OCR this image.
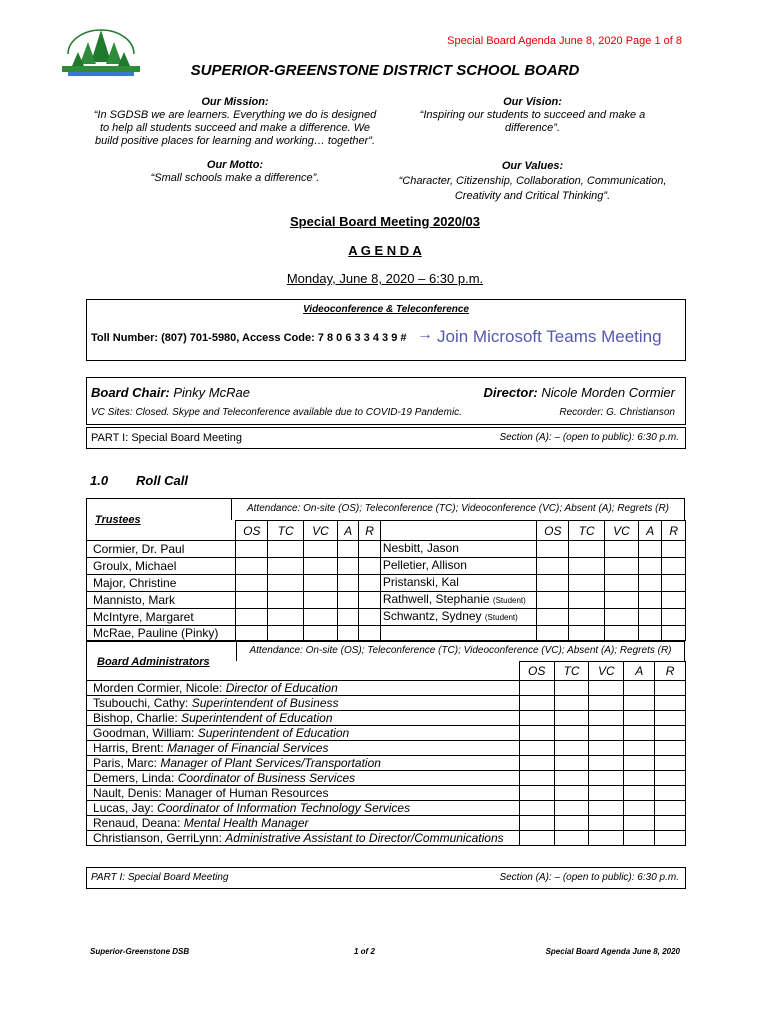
Special Board Agenda June 8, 2020 Page 1 of 8
SUPERIOR-GREENSTONE DISTRICT SCHOOL BOARD
Our Mission:
“In SGDSB we are learners. Everything we do is designed
to help all students succeed and make a difference. We
build positive places for learning and working… together”.
Our Vision:
“Inspiring our students to succeed and make a
difference”.
Our Motto:
“Small schools make a difference”.
Our Values:
“Character, Citizenship, Collaboration, Communication,
Creativity and Critical Thinking”.
Special Board Meeting 2020/03
A G E N D A
Monday, June 8, 2020 – 6:30 p.m.
Videoconference & Teleconference
Toll Number: (807) 701-5980, Access Code: 7 8 0 6 3 3 4 3 9 # → Join Microsoft Teams Meeting
Board Chair: Pinky McRae	Director: Nicole Morden Cormier
VC Sites: Closed. Skype and Teleconference available due to COVID-19 Pandemic.	Recorder: G. Christianson
PART I: Special Board Meeting	Section (A): – (open to public): 6:30 p.m.
1.0 Roll Call
Trustees
Attendance: On-site (OS); Teleconference (TC); Videoconference (VC); Absent (A); Regrets (R)
	OS	TC	VC	A	R		OS	TC	VC	A	R
Cormier, Dr. Paul						Nesbitt, Jason					
Groulx, Michael						Pelletier, Allison					
Major, Christine						Pristanski, Kal					
Mannisto, Mark						Rathwell, Stephanie (Student)					
McIntyre, Margaret						Schwantz, Sydney (Student)					
McRae, Pauline (Pinky)											
Board Administrators
Attendance: On-site (OS); Teleconference (TC); Videoconference (VC); Absent (A); Regrets (R)
	OS	TC	VC	A	R
Morden Cormier, Nicole: Director of Education					
Tsubouchi, Cathy: Superintendent of Business					
Bishop, Charlie: Superintendent of Education					
Goodman, William: Superintendent of Education					
Harris, Brent: Manager of Financial Services					
Paris, Marc: Manager of Plant Services/Transportation					
Demers, Linda: Coordinator of Business Services					
Nault, Denis: Manager of Human Resources					
Lucas, Jay: Coordinator of Information Technology Services					
Renaud, Deana: Mental Health Manager					
Christianson, GerriLynn: Administrative Assistant to Director/Communications					
PART I: Special Board Meeting	Section (A): – (open to public): 6:30 p.m.
Superior-Greenstone DSB	1 of 2	Special Board Agenda June 8, 2020
